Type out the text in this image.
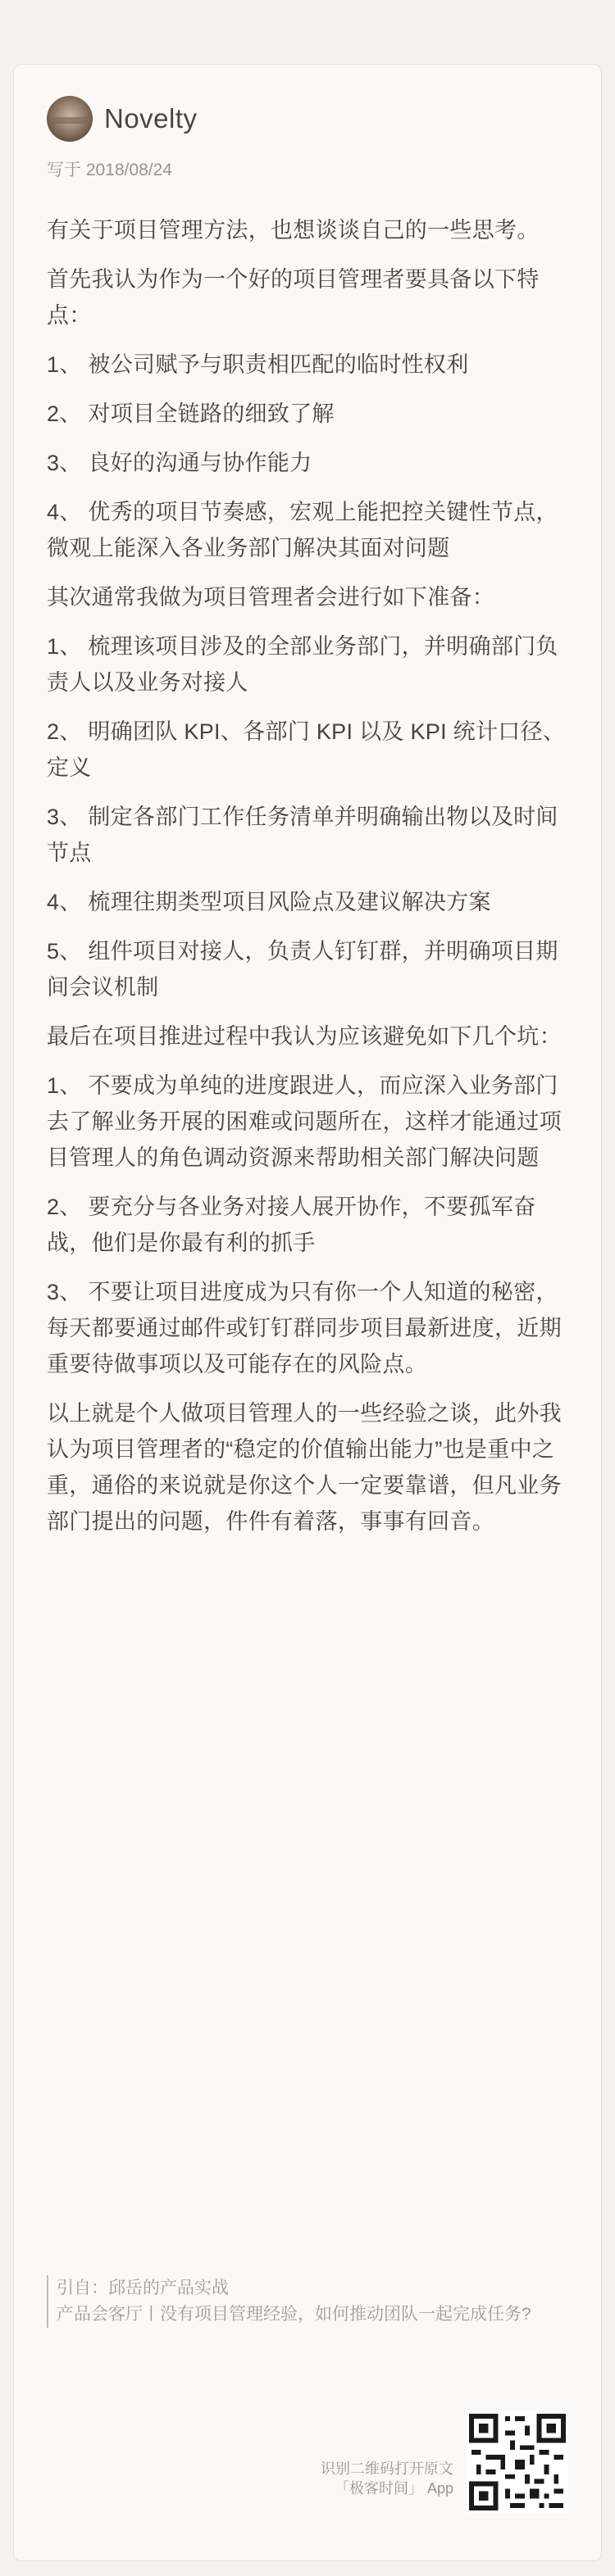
Novelty
写于 2018/08/24

有关于项目管理方法，也想谈谈自己的一些思考。

首先我认为作为一个好的项目管理者要具备以下特点：

1、 被公司赋予与职责相匹配的临时性权利

2、 对项目全链路的细致了解

3、 良好的沟通与协作能力

4、 优秀的项目节奏感，宏观上能把控关键性节点，微观上能深入各业务部门解决其面对问题

其次通常我做为项目管理者会进行如下准备：

1、 梳理该项目涉及的全部业务部门，并明确部门负责人以及业务对接人

2、 明确团队 KPI、各部门 KPI 以及 KPI 统计口径、定义

3、 制定各部门工作任务清单并明确输出物以及时间节点

4、 梳理往期类型项目风险点及建议解决方案

5、 组件项目对接人，负责人钉钉群，并明确项目期间会议机制

最后在项目推进过程中我认为应该避免如下几个坑：

1、 不要成为单纯的进度跟进人，而应深入业务部门去了解业务开展的困难或问题所在，这样才能通过项目管理人的角色调动资源来帮助相关部门解决问题

2、 要充分与各业务对接人展开协作，不要孤军奋战，他们是你最有利的抓手

3、 不要让项目进度成为只有你一个人知道的秘密，每天都要通过邮件或钉钉群同步项目最新进度，近期重要待做事项以及可能存在的风险点。

以上就是个人做项目管理人的一些经验之谈，此外我认为项目管理者的“稳定的价值输出能力”也是重中之重，通俗的来说就是你这个人一定要靠谱，但凡业务部门提出的问题，件件有着落，事事有回音。

引自：邱岳的产品实战
产品会客厅丨没有项目管理经验，如何推动团队一起完成任务?
识别二维码打开原文
「极客时间」 App
